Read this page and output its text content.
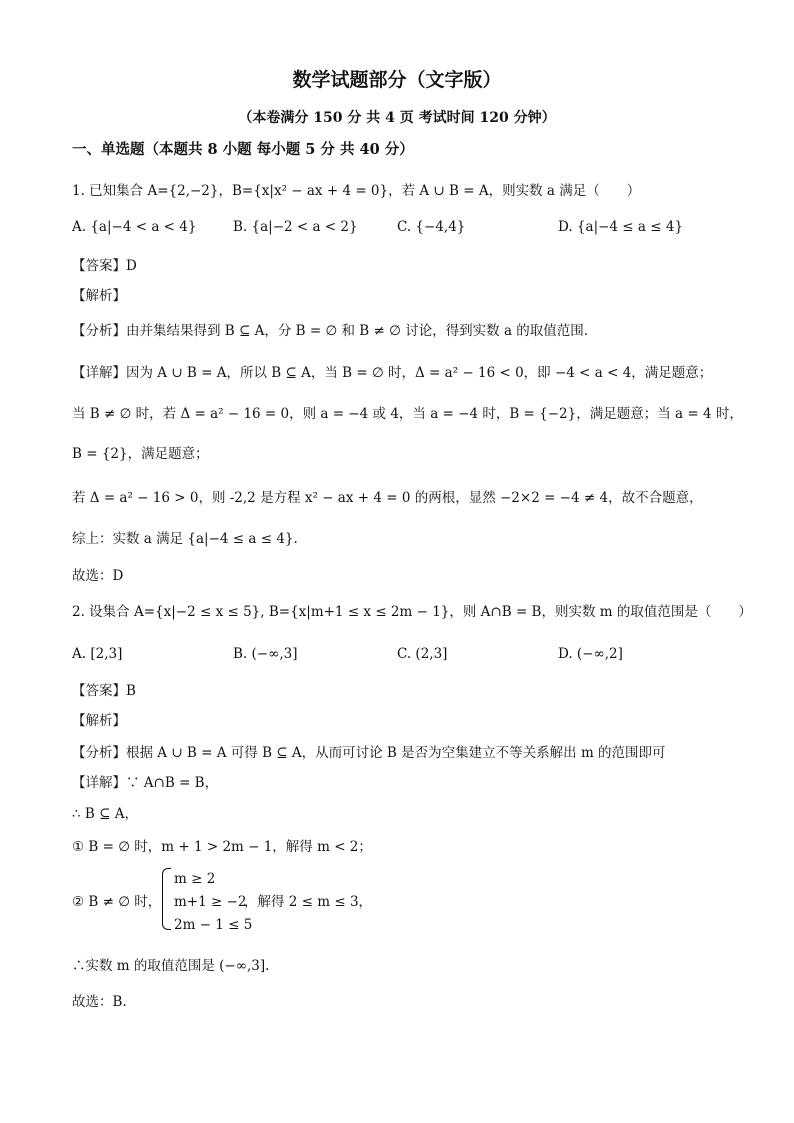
数学试题部分（文字版）
（本卷满分 150 分 共 4 页 考试时间 120 分钟）
一、单选题（本题共 8 小题 每小题 5 分 共 40 分）
1. 已知集合 A={2,−2}，B={x|x² − ax + 4 = 0}，若 A ∪ B = A，则实数 a 满足（　　）
A. {a|−4 < a < 4}	B. {a|−2 < a < 2}	C. {−4,4}	D. {a|−4 ≤ a ≤ 4}
【答案】D
【解析】
【分析】由并集结果得到 B ⊆ A，分 B = ∅ 和 B ≠ ∅ 讨论，得到实数 a 的取值范围.
【详解】因为 A ∪ B = A，所以 B ⊆ A，当 B = ∅ 时，Δ = a² − 16 < 0，即 −4 < a < 4，满足题意；
当 B ≠ ∅ 时，若 Δ = a² − 16 = 0，则 a = −4 或 4，当 a = −4 时，B = {−2}，满足题意；当 a = 4 时，
B = {2}，满足题意；
若 Δ = a² − 16 > 0，则 -2,2 是方程 x² − ax + 4 = 0 的两根，显然 −2×2 = −4 ≠ 4，故不合题意，
综上：实数 a 满足 {a|−4 ≤ a ≤ 4}.
故选：D
2. 设集合 A={x|−2 ≤ x ≤ 5}, B={x|m+1 ≤ x ≤ 2m − 1}，则 A∩B = B，则实数 m 的取值范围是（　　）
A. [2,3]	B. (−∞,3]	C. (2,3]	D. (−∞,2]
【答案】B
【解析】
【分析】根据 A ∪ B = A 可得 B ⊆ A，从而可讨论 B 是否为空集建立不等关系解出 m 的范围即可
【详解】∵ A∩B = B，
∴ B ⊆ A，
① B = ∅ 时，m + 1 > 2m − 1，解得 m < 2；
② B ≠ ∅ 时，
m ≥ 2
m+1 ≥ −2
2m − 1 ≤ 5
，解得 2 ≤ m ≤ 3，
∴实数 m 的取值范围是 (−∞,3].
故选：B.
